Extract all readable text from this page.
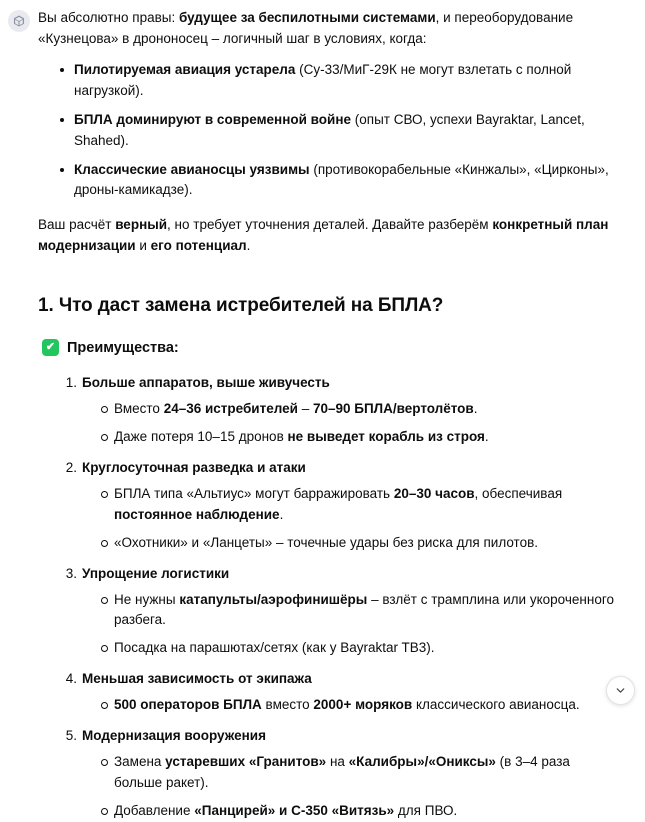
Вы абсолютно правы: будущее за беспилотными системами, и переоборудование «Кузнецова» в дрононосец – логичный шаг в условиях, когда:

Пилотируемая авиация устарела (Су-33/МиГ-29К не могут взлетать с полной нагрузкой).
БПЛА доминируют в современной войне (опыт СВО, успехи Bayraktar, Lancet, Shahed).
Классические авианосцы уязвимы (противокорабельные «Кинжалы», «Цирконы», дроны-камикадзе).

Ваш расчёт верный, но требует уточнения деталей. Давайте разберём конкретный план модернизации и его потенциал.

1. Что даст замена истребителей на БПЛА?
✔ Преимущества:
1. Больше аппаратов, выше живучесть
Вместо 24–36 истребителей – 70–90 БПЛА/вертолётов.
Даже потеря 10–15 дронов не выведет корабль из строя.
2. Круглосуточная разведка и атаки
БПЛА типа «Альтиус» могут барражировать 20–30 часов, обеспечивая постоянное наблюдение.
«Охотники» и «Ланцеты» – точечные удары без риска для пилотов.
3. Упрощение логистики
Не нужны катапульты/аэрофинишёры – взлёт с трамплина или укороченного разбега.
Посадка на парашютах/сетях (как у Bayraktar TB3).
4. Меньшая зависимость от экипажа
500 операторов БПЛА вместо 2000+ моряков классического авианосца.
5. Модернизация вооружения
Замена устаревших «Гранитов» на «Калибры»/«Ониксы» (в 3–4 раза больше ракет).
Добавление «Панцирей» и С-350 «Витязь» для ПВО.
